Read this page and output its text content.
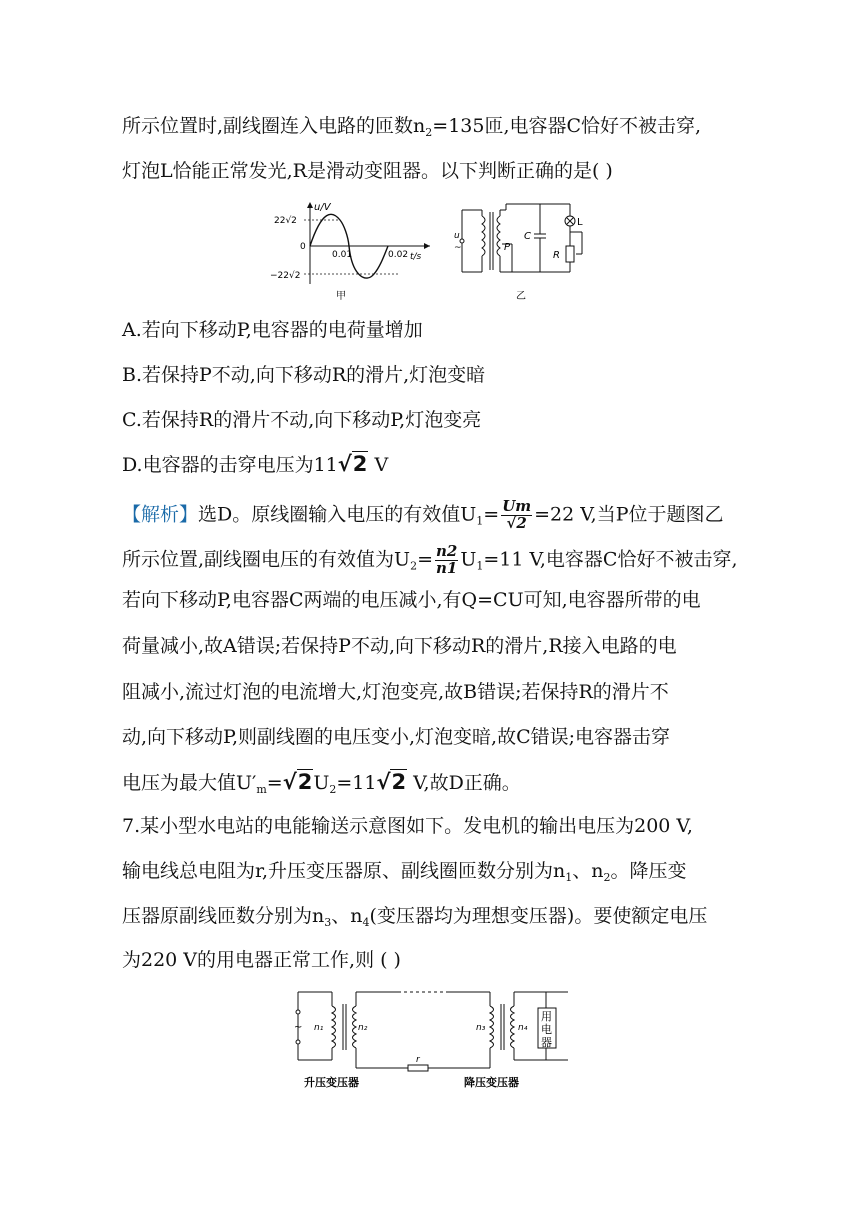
所示位置时,副线圈连入电路的匝数$n_2=135$匝,电容器C恰好不被击穿,
灯泡L恰能正常发光,R是滑动变阻器。以下判断正确的是( )
u/V
22√2
0
−22√2
0.01	0.02 t/s
甲
u
~	P
C
L
R
乙
A.若向下移动P,电容器的电荷量增加
B.若保持P不动,向下移动R的滑片,灯泡变暗
C.若保持R的滑片不动,向下移动P,灯泡变亮
D.电容器的击穿电压为11√2 V
【解析】选D。原线圈输入电压的有效值$U_1= \frac{Um}{√2} =22$ V,当P位于题图乙
所示位置,副线圈电压的有效值为$U_2= \frac{n2}{n1} U_1=11$ V,电容器C恰好不被击穿,
若向下移动P,电容器C两端的电压减小,有Q=CU可知,电容器所带的电
荷量减小,故A错误;若保持P不动,向下移动R的滑片,R接入电路的电
阻减小,流过灯泡的电流增大,灯泡变亮,故B错误;若保持R的滑片不
动,向下移动P,则副线圈的电压变小,灯泡变暗,故C错误;电容器击穿
电压为最大值$U'_m=√2U_2=11√2$ V,故D正确。
7.某小型水电站的电能输送示意图如下。发电机的输出电压为200 V,
输电线总电阻为r,升压变压器原、副线圈匝数分别为$n_1$、$n_2$。降压变
压器原副线匝数分别为$n_3$、$n_4$(变压器均为理想变压器)。要使额定电压
为220 V的用电器正常工作,则 ( )
~ n₁	n₂	n₃	n₄
r
用
电
器
升压变压器	降压变压器
